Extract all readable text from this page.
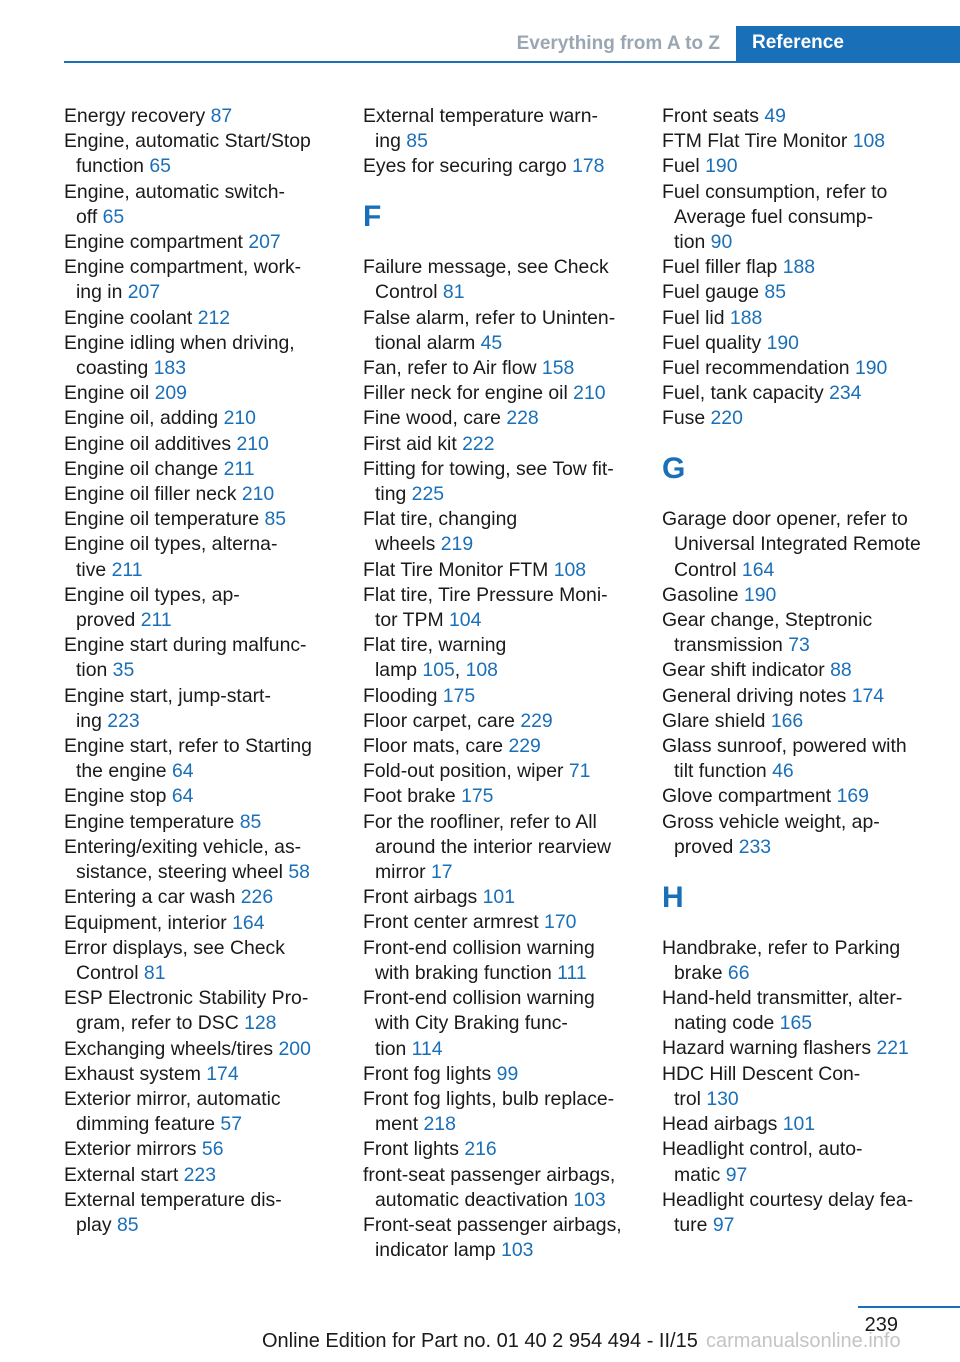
Everything from A to Z	Reference
Energy recovery 87
Engine, automatic Start/Stop
function 65
Engine, automatic switch-
off 65
Engine compartment 207
Engine compartment, work-
ing in 207
Engine coolant 212
Engine idling when driving,
coasting 183
Engine oil 209
Engine oil, adding 210
Engine oil additives 210
Engine oil change 211
Engine oil filler neck 210
Engine oil temperature 85
Engine oil types, alterna-
tive 211
Engine oil types, ap-
proved 211
Engine start during malfunc-
tion 35
Engine start, jump-start-
ing 223
Engine start, refer to Starting
the engine 64
Engine stop 64
Engine temperature 85
Entering/exiting vehicle, as-
sistance, steering wheel 58
Entering a car wash 226
Equipment, interior 164
Error displays, see Check
Control 81
ESP Electronic Stability Pro-
gram, refer to DSC 128
Exchanging wheels/tires 200
Exhaust system 174
Exterior mirror, automatic
dimming feature 57
Exterior mirrors 56
External start 223
External temperature dis-
play 85
External temperature warn-
ing 85
Eyes for securing cargo 178
F
Failure message, see Check
Control 81
False alarm, refer to Uninten-
tional alarm 45
Fan, refer to Air flow 158
Filler neck for engine oil 210
Fine wood, care 228
First aid kit 222
Fitting for towing, see Tow fit-
ting 225
Flat tire, changing
wheels 219
Flat Tire Monitor FTM 108
Flat tire, Tire Pressure Moni-
tor TPM 104
Flat tire, warning
lamp 105, 108
Flooding 175
Floor carpet, care 229
Floor mats, care 229
Fold-out position, wiper 71
Foot brake 175
For the roofliner, refer to All
around the interior rearview
mirror 17
Front airbags 101
Front center armrest 170
Front-end collision warning
with braking function 111
Front-end collision warning
with City Braking func-
tion 114
Front fog lights 99
Front fog lights, bulb replace-
ment 218
Front lights 216
front-seat passenger airbags,
automatic deactivation 103
Front-seat passenger airbags,
indicator lamp 103
Front seats 49
FTM Flat Tire Monitor 108
Fuel 190
Fuel consumption, refer to
Average fuel consump-
tion 90
Fuel filler flap 188
Fuel gauge 85
Fuel lid 188
Fuel quality 190
Fuel recommendation 190
Fuel, tank capacity 234
Fuse 220
G
Garage door opener, refer to
Universal Integrated Remote
Control 164
Gasoline 190
Gear change, Steptronic
transmission 73
Gear shift indicator 88
General driving notes 174
Glare shield 166
Glass sunroof, powered with
tilt function 46
Glove compartment 169
Gross vehicle weight, ap-
proved 233
H
Handbrake, refer to Parking
brake 66
Hand-held transmitter, alter-
nating code 165
Hazard warning flashers 221
HDC Hill Descent Con-
trol 130
Head airbags 101
Headlight control, auto-
matic 97
Headlight courtesy delay fea-
ture 97
239
Online Edition for Part no. 01 40 2 954 494 - II/15 carmanualsonline.info
